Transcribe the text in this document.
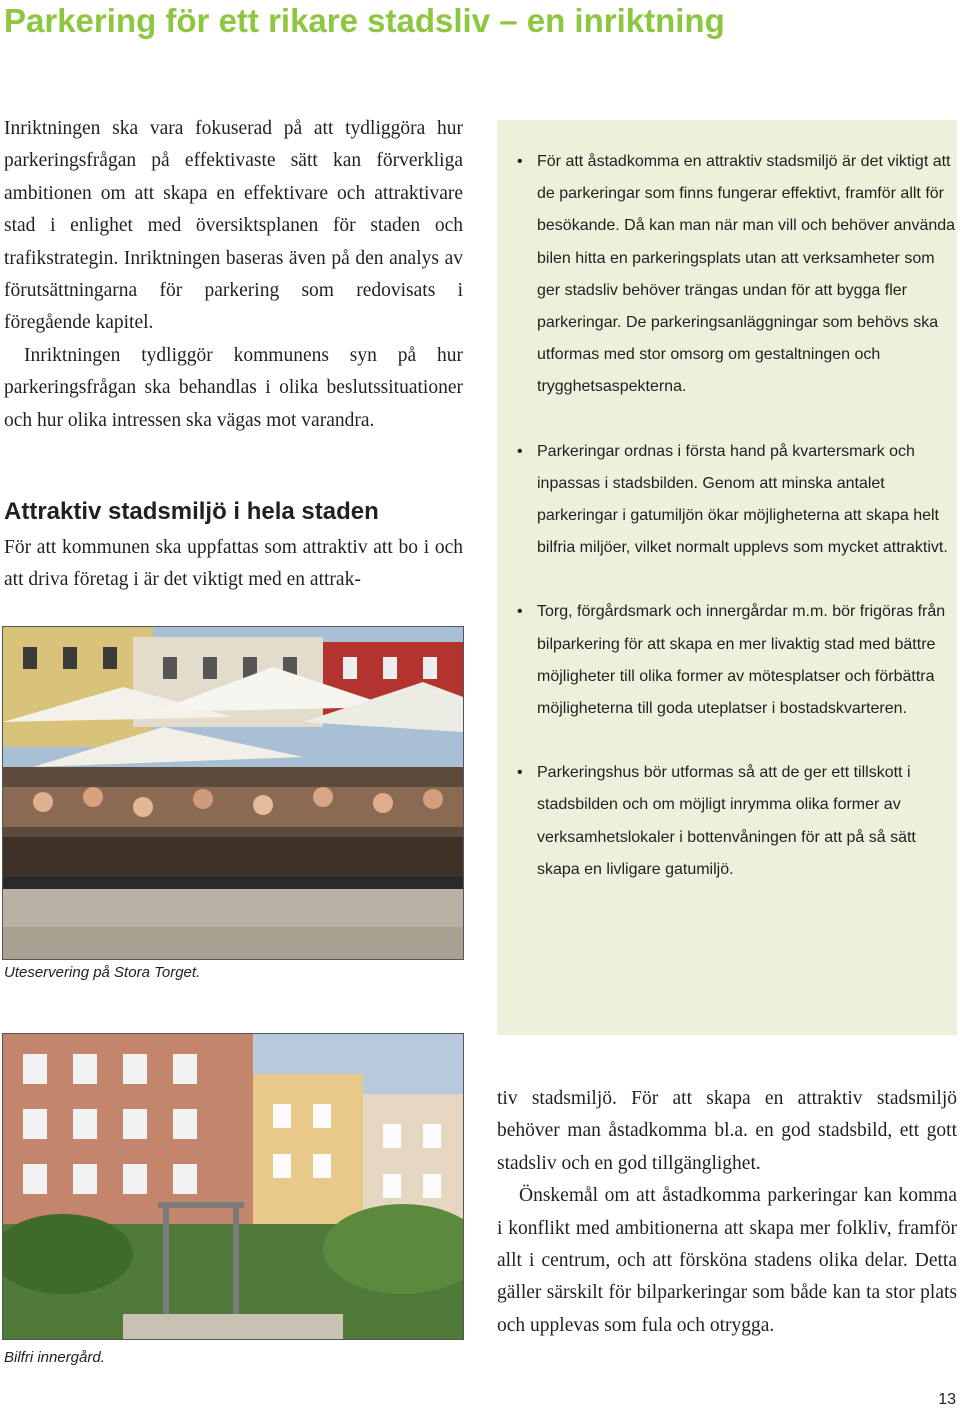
Parkering för ett rikare stadsliv – en inriktning

Inriktningen ska vara fokuserad på att tydliggöra hur parkeringsfrågan på effektivaste sätt kan förverkliga ambitionen om att skapa en effektivare och attraktivare stad i enlighet med översiktsplanen för staden och trafikstrategin. Inriktningen baseras även på den analys av förutsättningarna för parkering som redovisats i föregående kapitel.

Inriktningen tydliggör kommunens syn på hur parkeringsfrågan ska behandlas i olika beslutssituationer och hur olika intressen ska vägas mot varandra.

Attraktiv stadsmiljö i hela staden

För att kommunen ska uppfattas som attraktiv att bo i och att driva företag i är det viktigt med en attrak-

Uteservering på Stora Torget.
Bilfri innergård.
• För att åstadkomma en attraktiv stadsmiljö är det viktigt att de parkeringar som finns fungerar effektivt, framför allt för besökande. Då kan man när man vill och behöver använda bilen hitta en parkeringsplats utan att verksamheter som ger stadsliv behöver trängas undan för att bygga fler parkeringar. De parkeringsanläggningar som behövs ska utformas med stor omsorg om gestaltningen och trygghetsaspekterna.
• Parkeringar ordnas i första hand på kvartersmark och inpassas i stadsbilden. Genom att minska antalet parkeringar i gatumiljön ökar möjligheterna att skapa helt bilfria miljöer, vilket normalt upplevs som mycket attraktivt.
• Torg, förgårdsmark och innergårdar m.m. bör frigöras från bilparkering för att skapa en mer livaktig stad med bättre möjligheter till olika former av mötesplatser och förbättra möjligheterna till goda uteplatser i bostadskvarteren.
• Parkeringshus bör utformas så att de ger ett tillskott i stadsbilden och om möjligt inrymma olika former av verksamhetslokaler i bottenvåningen för att på så sätt skapa en livligare gatumiljö.

tiv stadsmiljö. För att skapa en attraktiv stadsmiljö behöver man åstadkomma bl.a. en god stadsbild, ett gott stadsliv och en god tillgänglighet.

Önskemål om att åstadkomma parkeringar kan komma i konflikt med ambitionerna att skapa mer folkliv, framför allt i centrum, och att försköna stadens olika delar. Detta gäller särskilt för bilparkeringar som både kan ta stor plats och upplevas som fula och otrygga.

13
